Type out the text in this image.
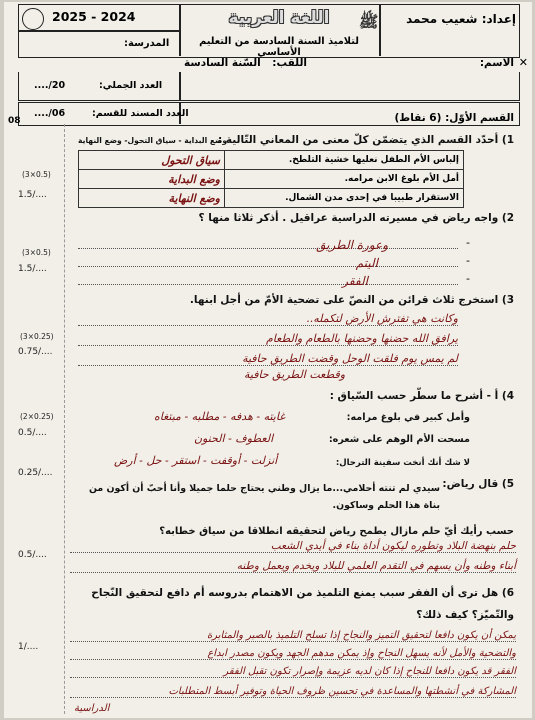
إعداد: شعيب محمد
2025 - 2024
المدرسة:
ﷺ
اللغة العربية
لتلاميذ السنة السادسة من التعليم الأساسي
الاسم:
اللقب:
السّنة السادسة
العدد الجملي:
..../20
✕
العدد المسند للقسم:
..../06	القسم الأوّل: (6 نقاط)
08
1) أحدّد القسم الذي يتضمّن كلّ معنى من المعاني التّالية :
وضع البداية - سياق التحول- وضع النهاية
(3×0.5)
1.5/....
إلباس الأم الطفل نعليها خشية التلطخ.	سياق التحول
أمل الأم بلوغ الابن مرامه.	وضع البداية
الاستقرار طبيبا في إحدى مدن الشمال.	وضع النهاية
2) واجه رياض في مسيرته الدراسية عراقيل . أذكر ثلاثا منها ؟
(3×0.5)
1.5/....
وعورة الطريق
اليتم
الفقر
-
-
-
3) استخرج ثلاث قرائن من النصّ على تضحية الأمّ من أجل ابنها.
(3×0.25)
0.75/....
وكانت هي تفترش الأرض لتكمله..
يرافق الله حضنها وحضنها بالطعام والطعام
لم يمس يوم فلقت الوحل وقضت الطريق حافية
وقطعت الطريق حافية
4) أ - أشرح ما سطّر حسب السّياق :
(2×0.25)
0.5/....
وأمل كبير في بلوغ مرامه:
غايته - هدفه - مطلبه - مبتغاه
مسحت الأم الوهم على شعره:
العطوف - الحنون
لا شك أنك أنخت سفينة الترحال:
أنزلت - أوقفت - استقر - حل - أرض
0.25/....
5) قال رياض:
سيدي لم تنته أحلامي...ما يزال وطني يحتاج حلما جميلا وأنا أحبّ أن أكون من بناة هذا الحلم وساكون.
حسب رأيك أيّ حلم مازال يطمح رياض لتحقيقه انطلاقا من سياق خطابه؟
0.5/....
حلم بنهضة البلاد وتطوره ليكون أداة بناء في أيدي الشعب
أبناء وطنه وأن يسهم في التقدم العلمي للبلاد ويخدم ويعمل وطنه
6) هل ترى أن الفقر سبب يمنع التلميذ من الاهتمام بدروسه أم دافع لتحقيق النّجاح والتّميّز؟ كيف ذلك؟
1/....
يمكن أن يكون دافعا لتحقيق التميز والنجاح إذا تسلح التلميذ بالصبر والمثابرة
والتضحية والأمل لأنه يسهل النجاح وإذ يمكن مدهم الجهد ويكون مصدر ابداع
الفقر قد يكون دافعا للنجاح إذا كان لديه عزيمة وإصرار تكون تقبل الفقر
المشاركة في أنشطتها والمساعدة في تحسين ظروف الحياة وتوفير أبسط المتطلبات
الدراسية
